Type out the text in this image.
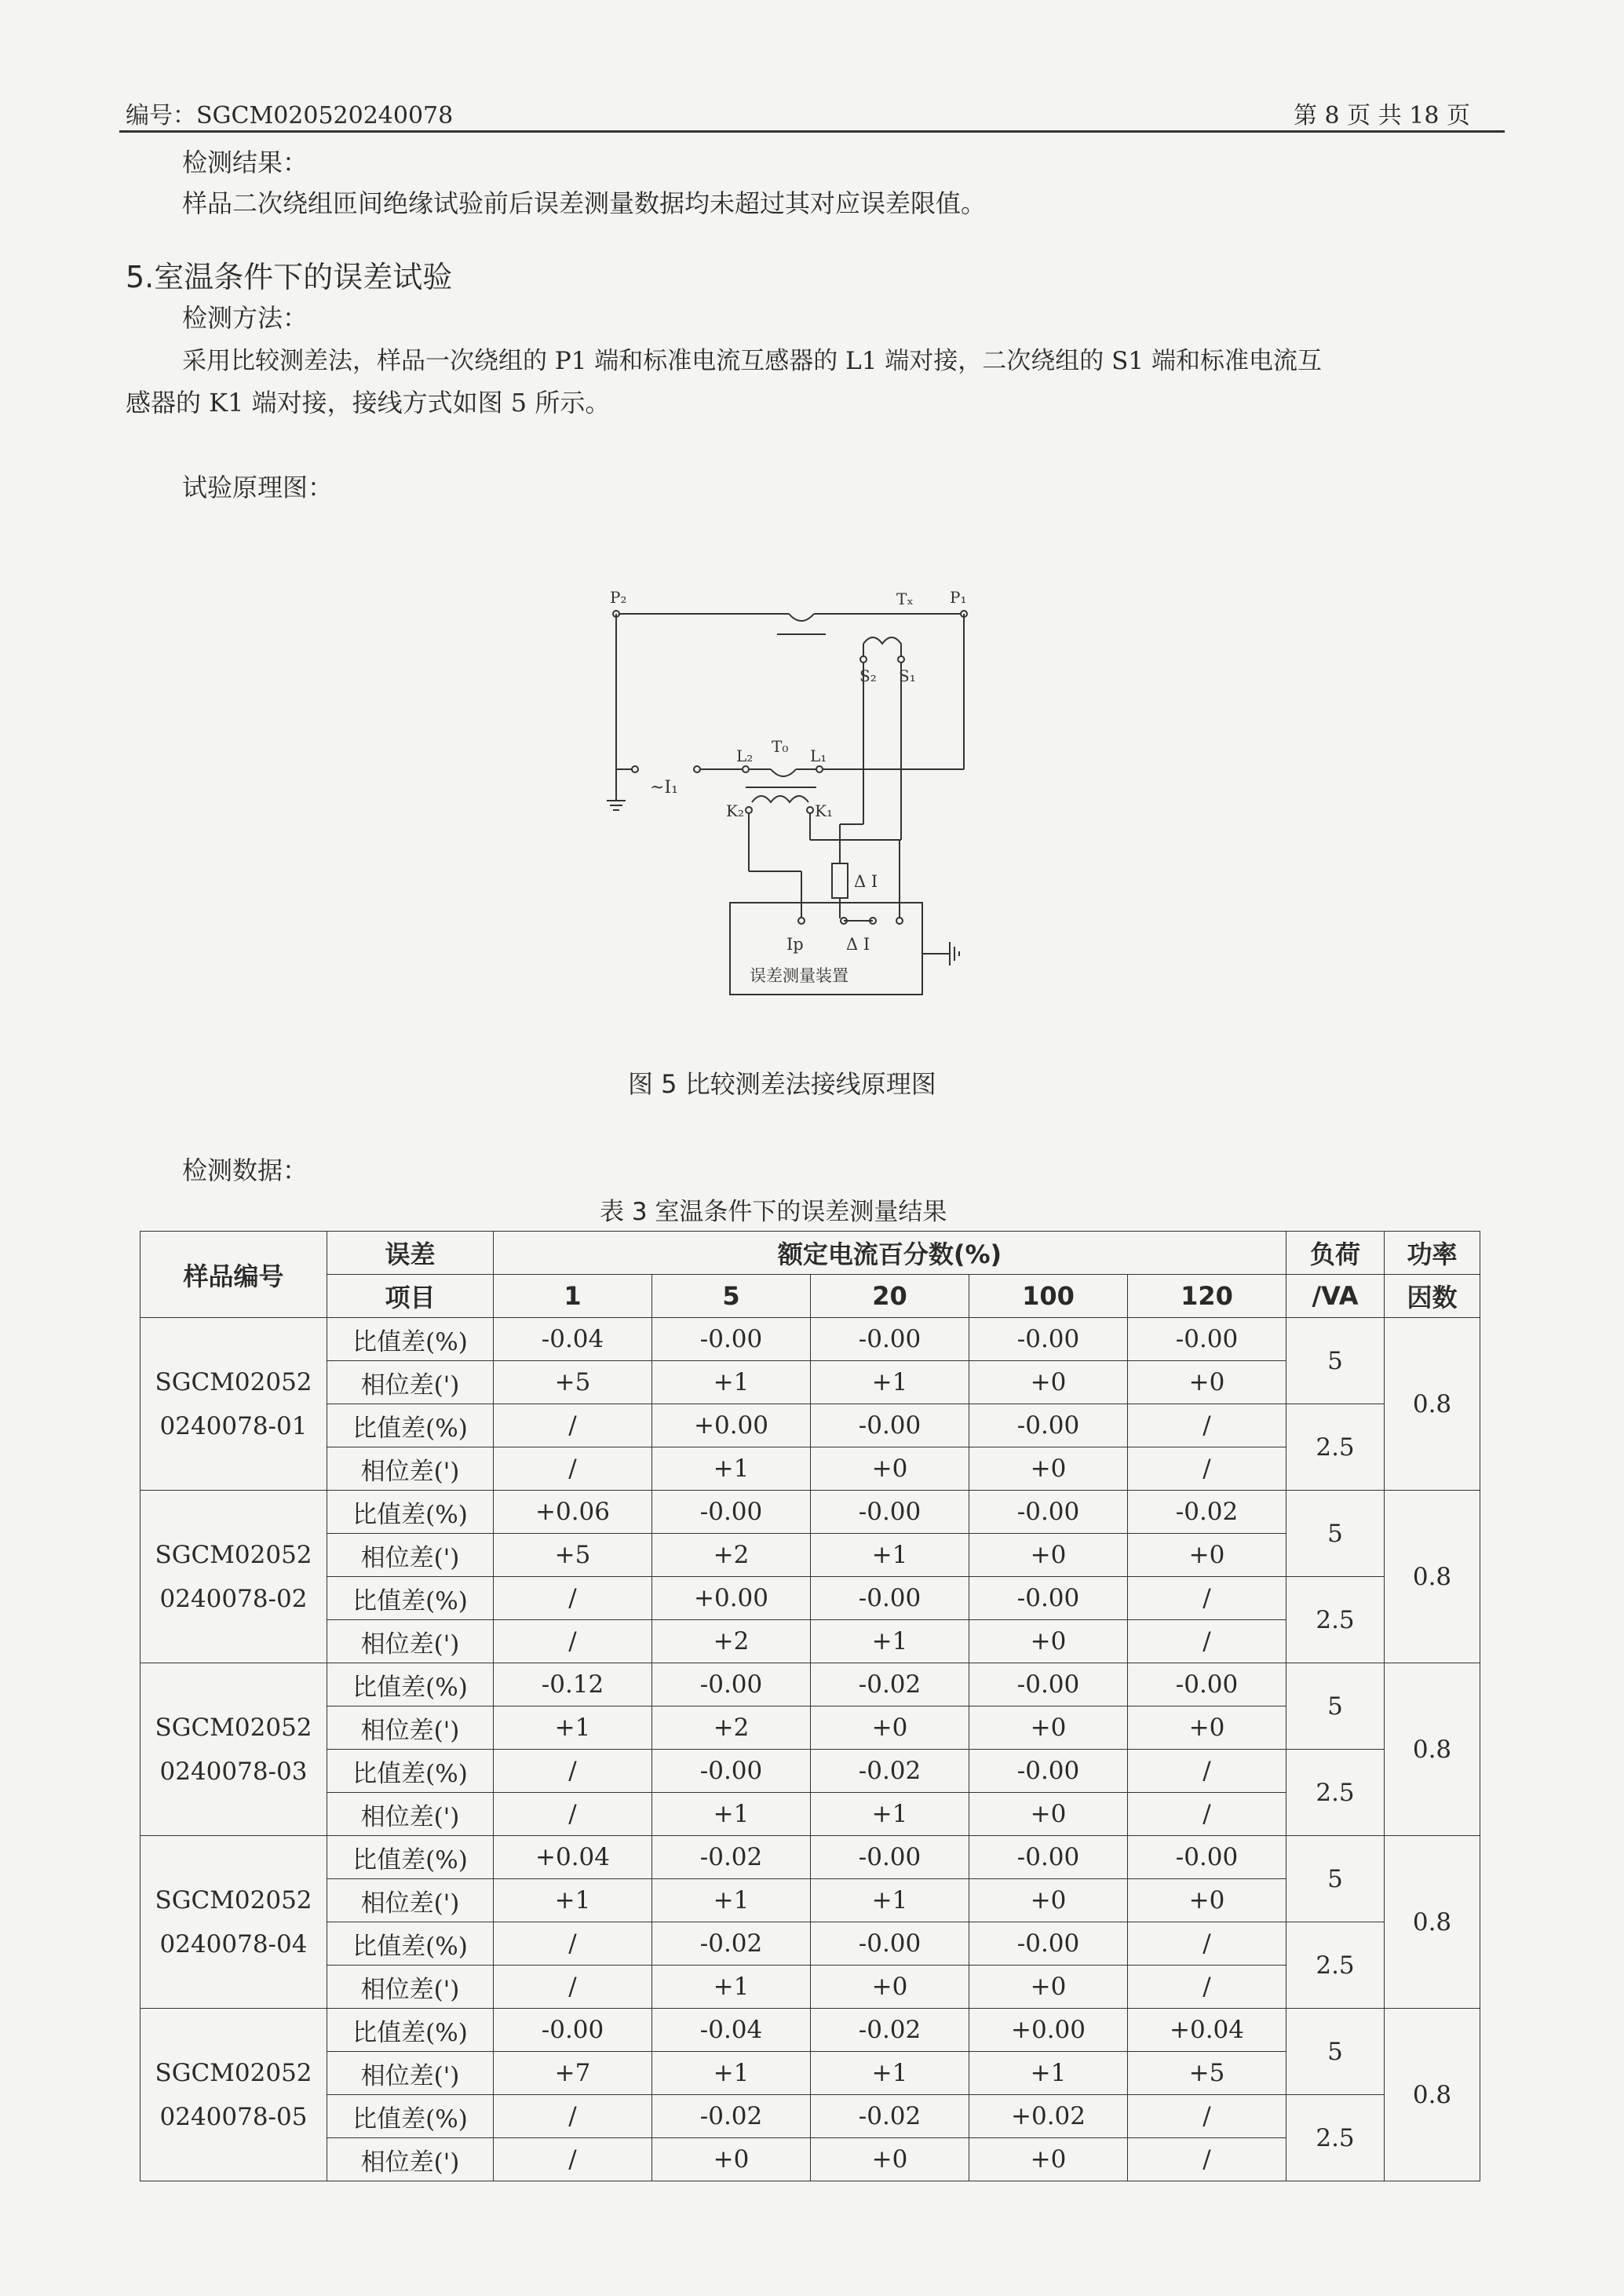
编号：SGCM020520240078	第 8 页 共 18 页
检测结果：
样品二次绕组匝间绝缘试验前后误差测量数据均未超过其对应误差限值。
5.室温条件下的误差试验
检测方法：
采用比较测差法，样品一次绕组的 P1 端和标准电流互感器的 L1 端对接，二次绕组的 S1 端和标准电流互
感器的 K1 端对接，接线方式如图 5 所示。
试验原理图：
P₂	P₁
Tₓ
S₂ S₁
L₂ T₀ L₁
K₂	K₁
~I₁
Δ I
Ip	Δ I
误差测量装置
图 5 比较测差法接线原理图
检测数据：
表 3 室温条件下的误差测量结果
样品编号	误差	额定电流百分数(%)					负荷	功率
	项目	1	5	20	100	120	/VA	因数

SGCM02052
0240078-01	比值差(%)	-0.04	-0.00	-0.00	-0.00	-0.00	5	0.8
	相位差(')	+5	+1	+1	+0	+0		
	比值差(%)	/	+0.00	-0.00	-0.00	/	2.5	
	相位差(')	/	+1	+0	+0	/		

SGCM02052
0240078-02	比值差(%)	+0.06	-0.00	-0.00	-0.00	-0.02	5	0.8
	相位差(')	+5	+2	+1	+0	+0		
	比值差(%)	/	+0.00	-0.00	-0.00	/	2.5	
	相位差(')	/	+2	+1	+0	/		

SGCM02052
0240078-03	比值差(%)	-0.12	-0.00	-0.02	-0.00	-0.00	5	0.8
	相位差(')	+1	+2	+0	+0	+0		
	比值差(%)	/	-0.00	-0.02	-0.00	/	2.5	
	相位差(')	/	+1	+1	+0	/		

SGCM02052
0240078-04	比值差(%)	+0.04	-0.02	-0.00	-0.00	-0.00	5	0.8
	相位差(')	+1	+1	+1	+0	+0		
	比值差(%)	/	-0.02	-0.00	-0.00	/	2.5	
	相位差(')	/	+1	+0	+0	/		

SGCM02052
0240078-05	比值差(%)	-0.00	-0.04	-0.02	+0.00	+0.04	5	0.8
	相位差(')	+7	+1	+1	+1	+5		
	比值差(%)	/	-0.02	-0.02	+0.02	/	2.5	
	相位差(')	/	+0	+0	+0	/		
